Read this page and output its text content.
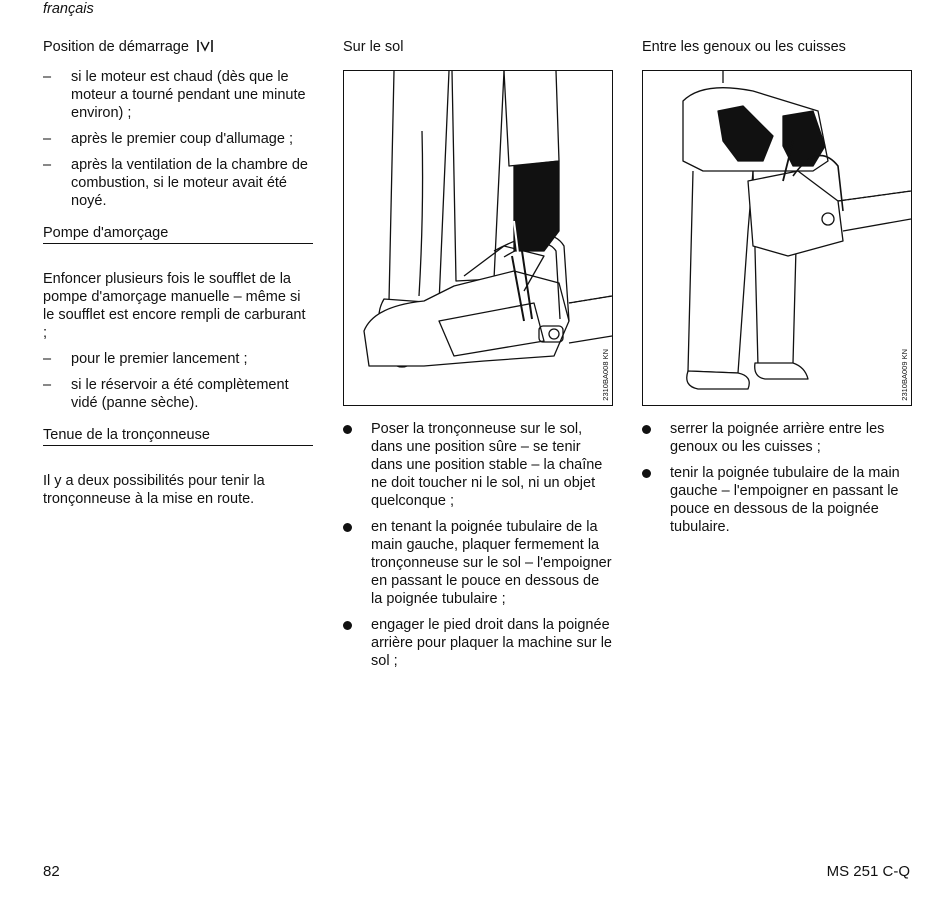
français
Position de démarrage
– si le moteur est chaud (dès que le moteur a tourné pendant une minute environ) ;
– après le premier coup d'allumage ;
– après la ventilation de la chambre de combustion, si le moteur avait été noyé.
Pompe d'amorçage

Enfoncer plusieurs fois le soufflet de la pompe d'amorçage manuelle – même si le soufflet est encore rempli de carburant ;

– pour le premier lancement ;
– si le réservoir a été complètement vidé (panne sèche).
Tenue de la tronçonneuse

Il y a deux possibilités pour tenir la tronçonneuse à la mise en route.

Sur le sol
2310BA008 KN
Poser la tronçonneuse sur le sol, dans une position sûre – se tenir dans une position stable – la chaîne ne doit toucher ni le sol, ni un objet quelconque ;
en tenant la poignée tubulaire de la main gauche, plaquer fermement la tronçonneuse sur le sol – l'empoigner en passant le pouce en dessous de la poignée tubulaire ;
engager le pied droit dans la poignée arrière pour plaquer la machine sur le sol ;
Entre les genoux ou les cuisses
2310BA009 KN
serrer la poignée arrière entre les genoux ou les cuisses ;
tenir la poignée tubulaire de la main gauche – l'empoigner en passant le pouce en dessous de la poignée tubulaire.
82	MS 251 C-Q
